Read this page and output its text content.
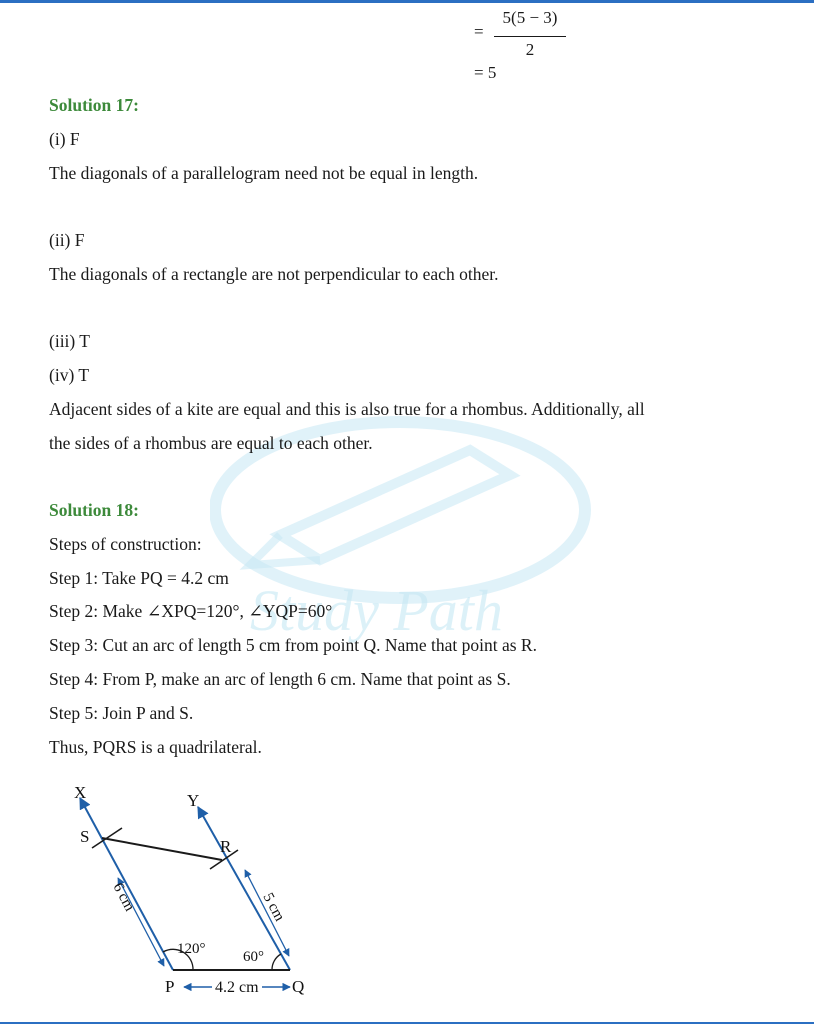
Study Path
=
5(5 − 3)
2
= 5
Solution 17:
(i) F
The diagonals of a parallelogram need not be equal in length.
(ii) F
The diagonals of a rectangle are not perpendicular to each other.
(iii) T
(iv) T
Adjacent sides of a kite are equal and this is also true for a rhombus. Additionally, all
the sides of a rhombus are equal to each other.
Solution 18:
Steps of construction:
Step 1: Take PQ = 4.2 cm
Step 2: Make ∠XPQ=120°, ∠YQP=60°
Step 3: Cut an arc of length 5 cm from point Q. Name that point as R.
Step 4: From P, make an arc of length 6 cm. Name that point as S.
Step 5: Join P and S.
Thus, PQRS is a quadrilateral.
X	Y
S
R
P	Q
120°	60°
4.2 cm
6 cm	5 cm
